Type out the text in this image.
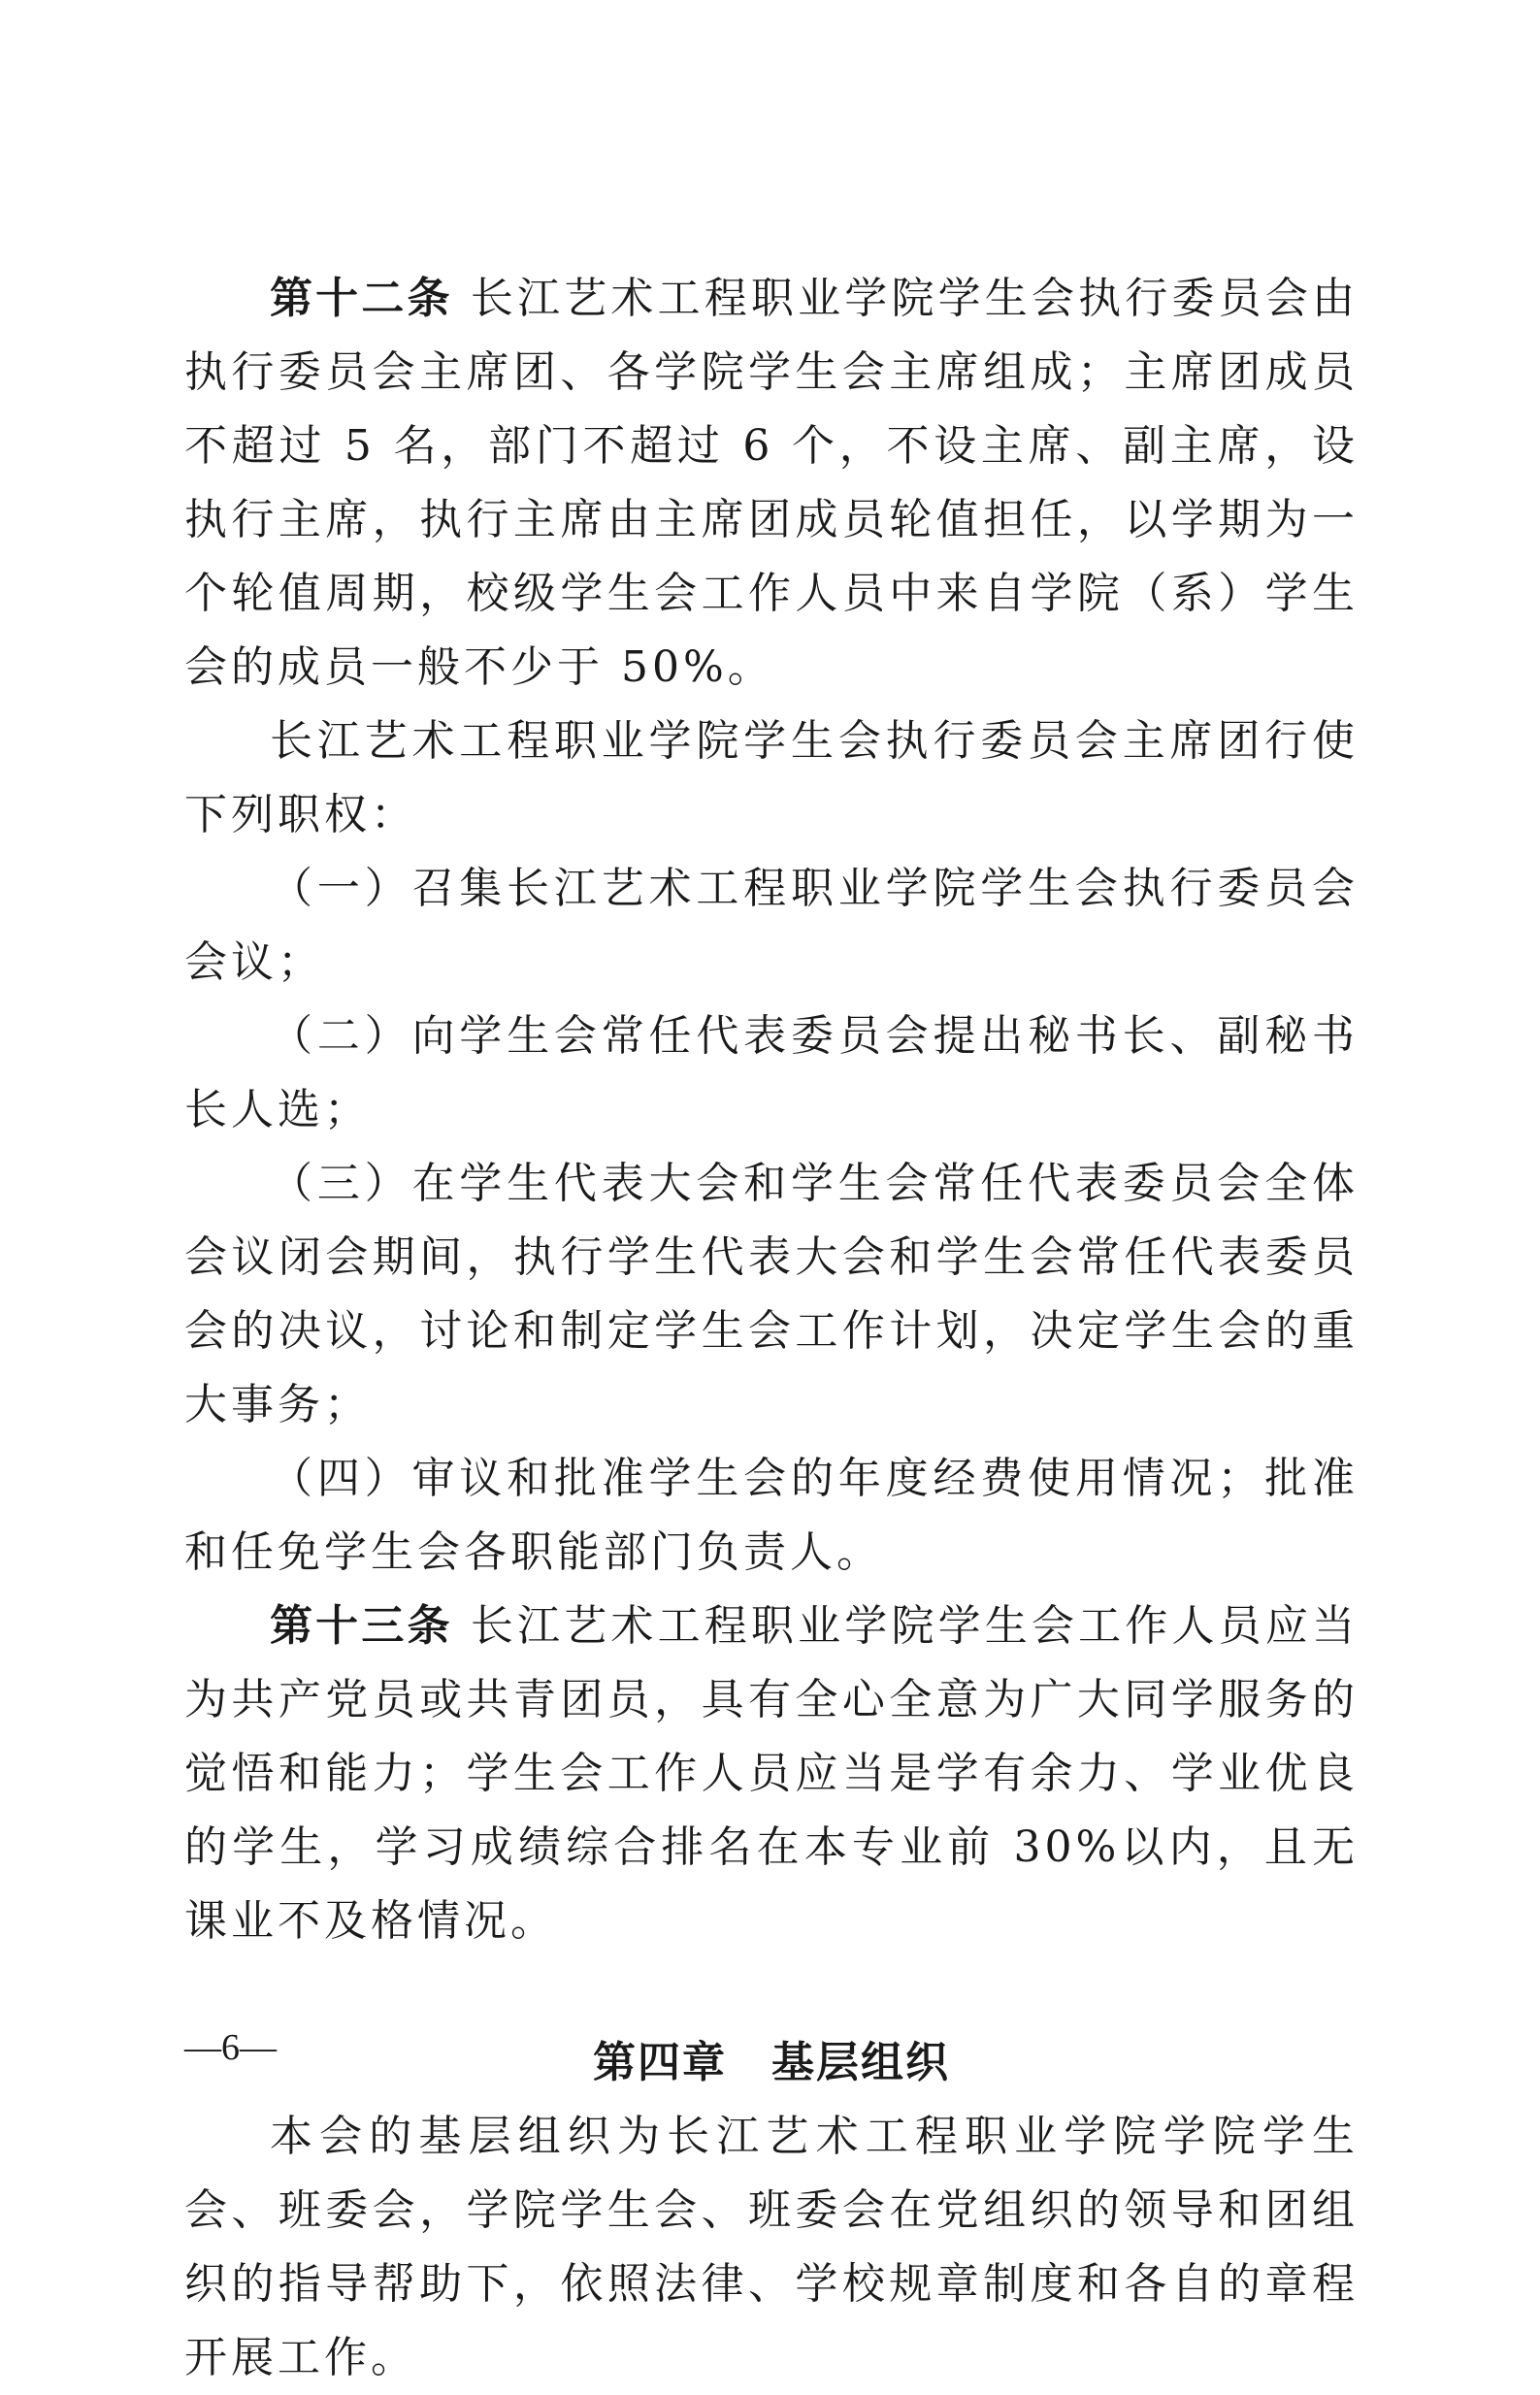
第十二条 长江艺术工程职业学院学生会执行委员会由执行委员会主席团、各学院学生会主席组成；主席团成员不超过 5 名，部门不超过 6 个，不设主席、副主席，设执行主席，执行主席由主席团成员轮值担任，以学期为一个轮值周期，校级学生会工作人员中来自学院（系）学生会的成员一般不少于 50%。

长江艺术工程职业学院学生会执行委员会主席团行使下列职权：

（一）召集长江艺术工程职业学院学生会执行委员会会议；

（二）向学生会常任代表委员会提出秘书长、副秘书长人选；

（三）在学生代表大会和学生会常任代表委员会全体会议闭会期间，执行学生代表大会和学生会常任代表委员会的决议，讨论和制定学生会工作计划，决定学生会的重大事务；

（四）审议和批准学生会的年度经费使用情况；批准和任免学生会各职能部门负责人。

第十三条 长江艺术工程职业学院学生会工作人员应当为共产党员或共青团员，具有全心全意为广大同学服务的觉悟和能力；学生会工作人员应当是学有余力、学业优良的学生，学习成绩综合排名在本专业前 30%以内，且无课业不及格情况。

第四章　基层组织

本会的基层组织为长江艺术工程职业学院学院学生会、班委会，学院学生会、班委会在党组织的领导和团组织的指导帮助下，依照法律、学校规章制度和各自的章程开展工作。

—6—
